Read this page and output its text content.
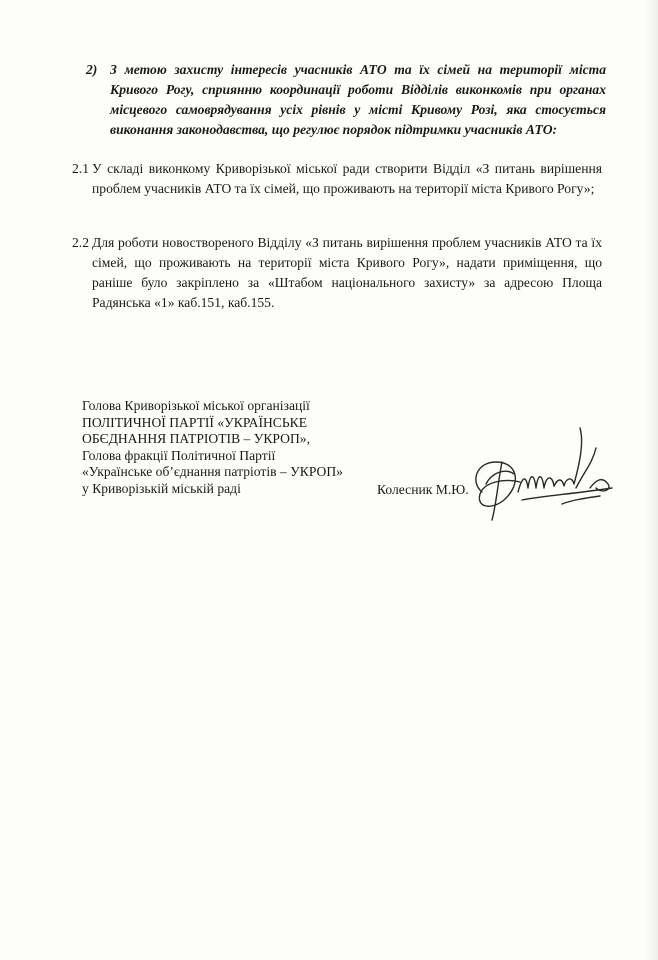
2) З метою захисту інтересів учасників АТО та їх сімей на території міста Кривого Рогу, сприянню координації роботи Відділів виконкомів при органах місцевого самоврядування усіх рівнів у місті Кривому Розі, яка стосується виконання законодавства, що регулює порядок підтримки учасників АТО:
2.1 У складі виконкому Криворізької міської ради створити Відділ «З питань вирішення проблем учасників АТО та їх сімей, що проживають на території міста Кривого Рогу»;
2.2 Для роботи новоствореного Відділу «З питань вирішення проблем учасників АТО та їх сімей, що проживають на території міста Кривого Рогу», надати приміщення, що раніше було закріплено за «Штабом національного захисту» за адресою Площа Радянська «1» каб.151, каб.155.
Голова Криворізької міської організації
ПОЛІТИЧНОЇ ПАРТІЇ «УКРАЇНСЬКЕ
ОБЄДНАННЯ ПАТРІОТІВ – УКРОП»,
Голова фракції Політичної Партії
«Українське об’єднання патріотів – УКРОП»
у Криворізькій міській раді	Колесник М.Ю.
